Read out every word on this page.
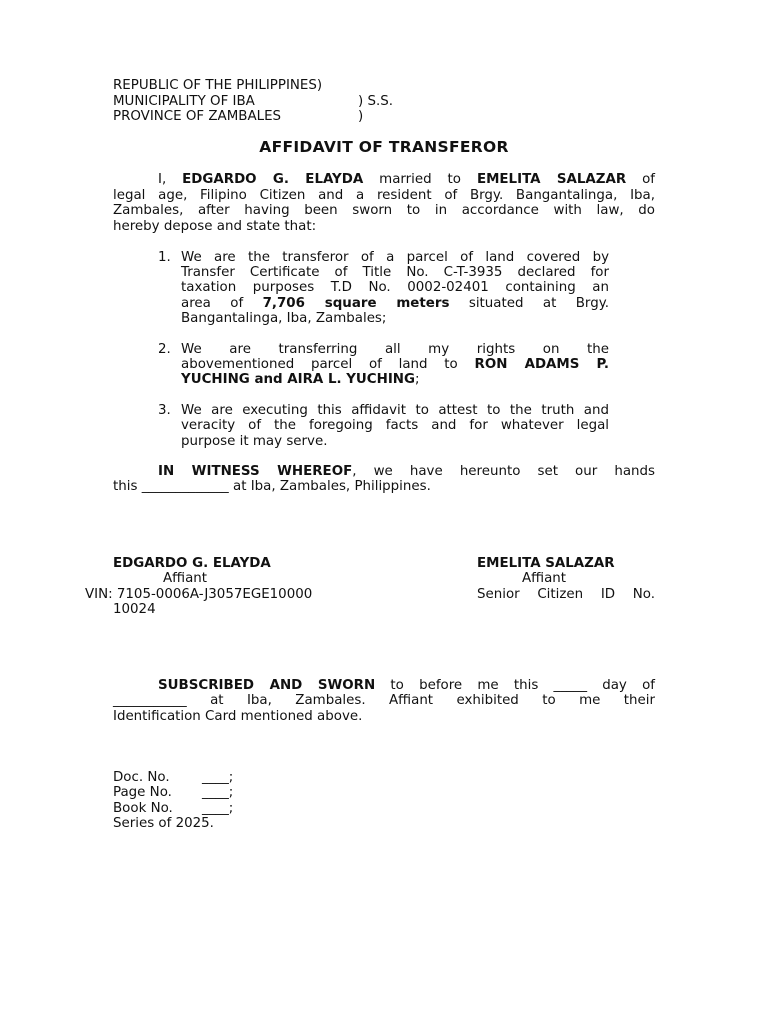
REPUBLIC OF THE PHILIPPINES)
MUNICIPALITY OF IBA	) S.S.
PROVINCE OF ZAMBALES	)
AFFIDAVIT OF TRANSFEROR
I, EDGARDO G. ELAYDA married to EMELITA SALAZAR of
legal age, Filipino Citizen and a resident of Brgy. Bangantalinga, Iba,
Zambales, after having been sworn to in accordance with law, do
hereby depose and state that:
1. We are the transferor of a parcel of land covered by
Transfer Certificate of Title No. C-T-3935 declared for
taxation purposes T.D No. 0002-02401 containing an
area of 7,706 square meters situated at Brgy.
Bangantalinga, Iba, Zambales;
2. We are transferring all my rights on the
abovementioned parcel of land to RON ADAMS P.
YUCHING and AIRA L. YUCHING;
3. We are executing this affidavit to attest to the truth and
veracity of the foregoing facts and for whatever legal
purpose it may serve.
IN WITNESS WHEREOF, we have hereunto set our hands
this _____________ at Iba, Zambales, Philippines.
EDGARDO G. ELAYDA
Affiant
VIN: 7105-0006A-J3057EGE10000
10024
EMELITA SALAZAR
Affiant
Senior Citizen ID No.
SUBSCRIBED AND SWORN to before me this _____ day of
___________ at Iba, Zambales. Affiant exhibited to me their
Identification Card mentioned above.
Doc. No. ____;
Page No. ____;
Book No. ____;
Series of 2025.
